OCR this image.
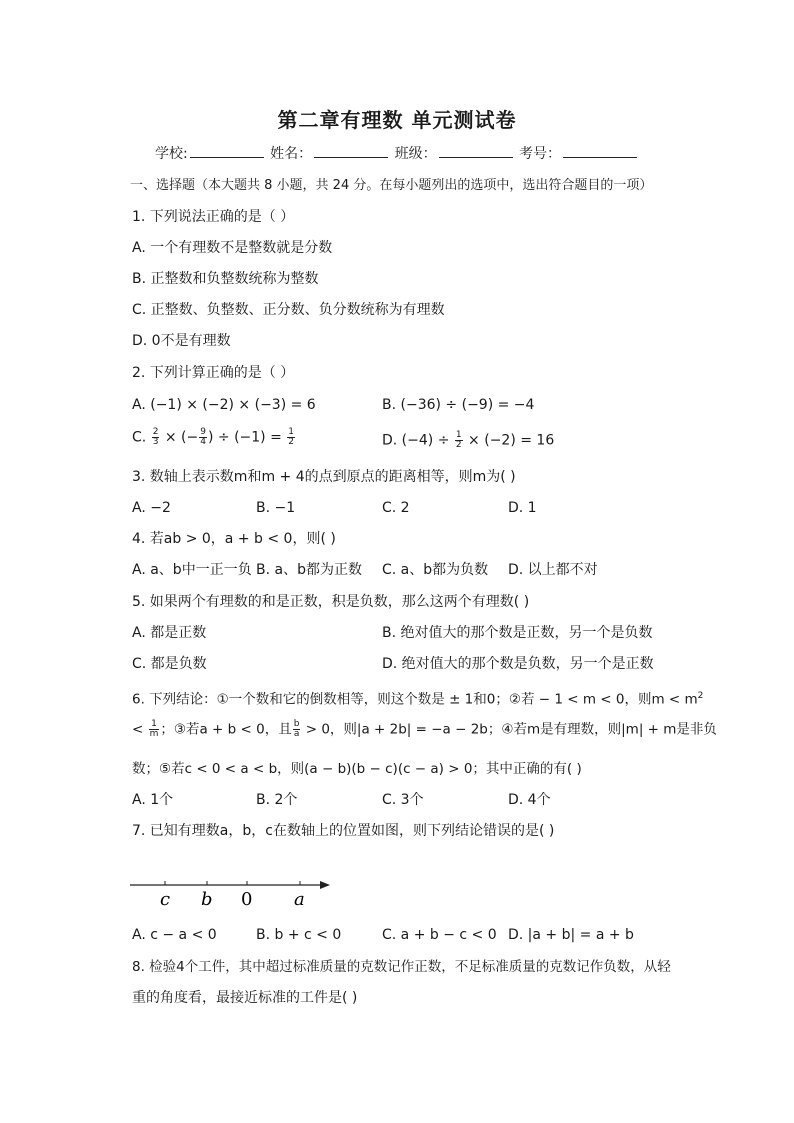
第二章有理数 单元测试卷
学校:	姓名：	班级：	考号：
一、选择题（本大题共 8 小题，共 24 分。在每小题列出的选项中，选出符合题目的一项）
1. 下列说法正确的是（ ）
A. 一个有理数不是整数就是分数
B. 正整数和负整数统称为整数
C. 正整数、负整数、正分数、负分数统称为有理数
D. 0不是有理数
2. 下列计算正确的是（ ）
A. (−1) × (−2) × (−3) = 6	B. (−36) ÷ (−9) = −4
C. $\frac{2}{3}$ × (− $\frac{9}{4}$ ) ÷ $(-1) = \frac{1}{2}$	D. $(-4) \div \frac{1}{2} \times (-2) = 16$
3. 数轴上表示数m和m + 4的点到原点的距离相等，则m为( )
A. −2	B. −1	C. 2	D. 1
4. 若ab > 0，a + b < 0，则( )
A. a、b中一正一负 B. a、b都为正数 C. a、b都为负数 D. 以上都不对
5. 如果两个有理数的和是正数，积是负数，那么这两个有理数( )
A. 都是正数	B. 绝对值大的那个数是正数，另一个是负数
C. 都是负数	D. 绝对值大的那个数是负数，另一个是正数
6. 下列结论：①一个数和它的倒数相等，则这个数是 ± 1和0；②若 − 1 < m < 0，则$m < m^2$
< $\frac{1}{m}$ ；③若a + b < 0，且 $\frac{b}{a} > 0$，则|a + 2b| = −a − 2b；④若m是有理数，则|m| + m是非负
数；⑤若c < 0 < a < b，则(a − b)(b − c)(c − a) > 0；其中正确的有( )
A. 1个	B. 2个	C. 3个	D. 4个
7. 已知有理数a，b，c在数轴上的位置如图，则下列结论错误的是( )
c b 0 a
A. c − a < 0	B. b + c < 0	C. a + b − c < 0 D. |a + b| = a + b
8. 检验4个工件，其中超过标准质量的克数记作正数，不足标准质量的克数记作负数，从轻
重的角度看，最接近标准的工件是( )
